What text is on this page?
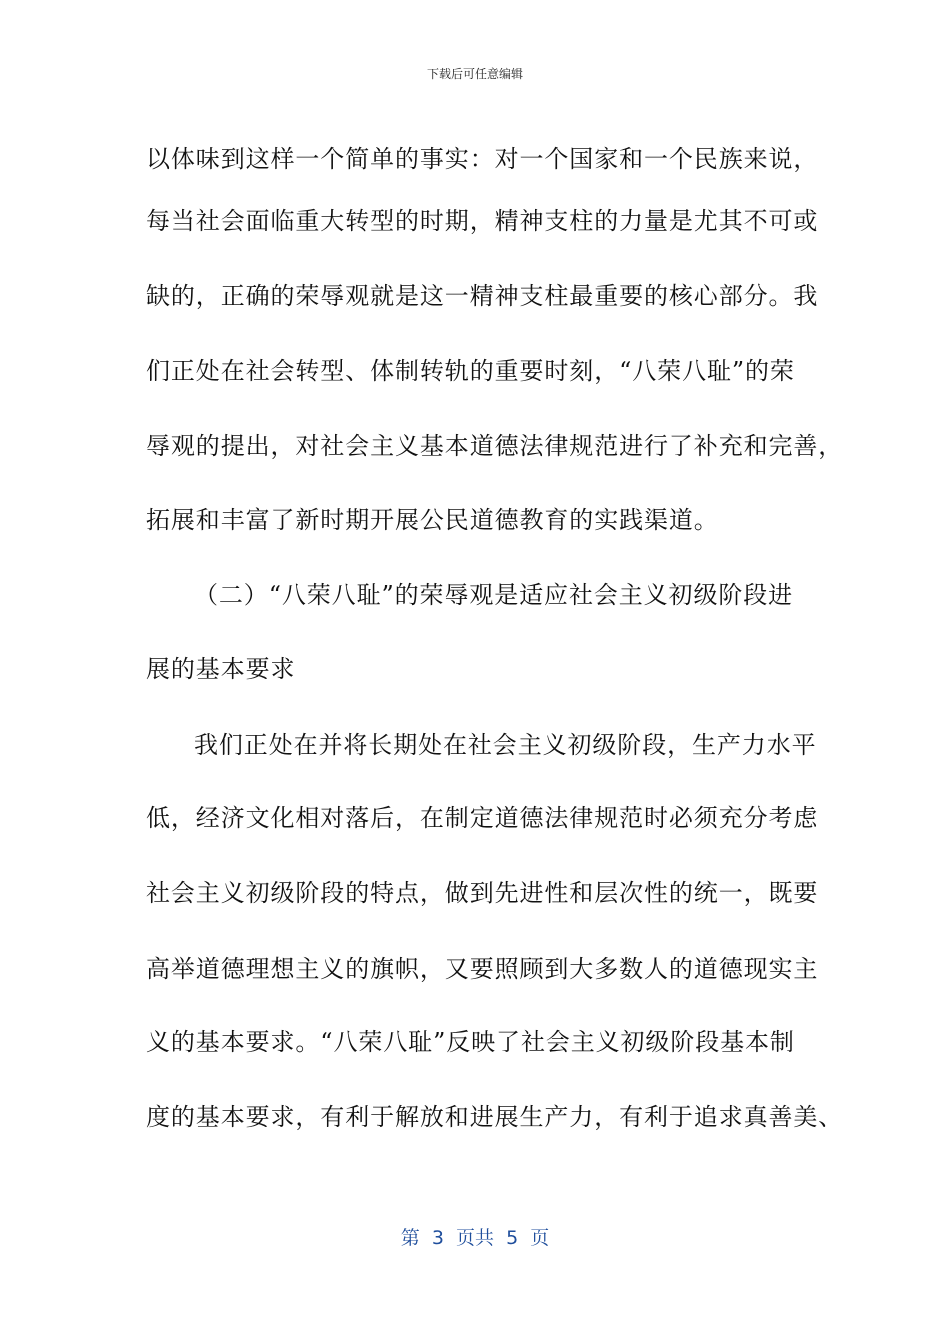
下载后可任意编辑
以体味到这样一个简单的事实：对一个国家和一个民族来说，
每当社会面临重大转型的时期，精神支柱的力量是尤其不可或
缺的，正确的荣辱观就是这一精神支柱最重要的核心部分。我
们正处在社会转型、体制转轨的重要时刻，“八荣八耻”的荣
辱观的提出，对社会主义基本道德法律规范进行了补充和完善，
拓展和丰富了新时期开展公民道德教育的实践渠道。
（二）“八荣八耻”的荣辱观是适应社会主义初级阶段进
展的基本要求
我们正处在并将长期处在社会主义初级阶段，生产力水平
低，经济文化相对落后，在制定道德法律规范时必须充分考虑
社会主义初级阶段的特点，做到先进性和层次性的统一，既要
高举道德理想主义的旗帜，又要照顾到大多数人的道德现实主
义的基本要求。“八荣八耻”反映了社会主义初级阶段基本制
度的基本要求，有利于解放和进展生产力，有利于追求真善美、
第  3  页共  5  页
